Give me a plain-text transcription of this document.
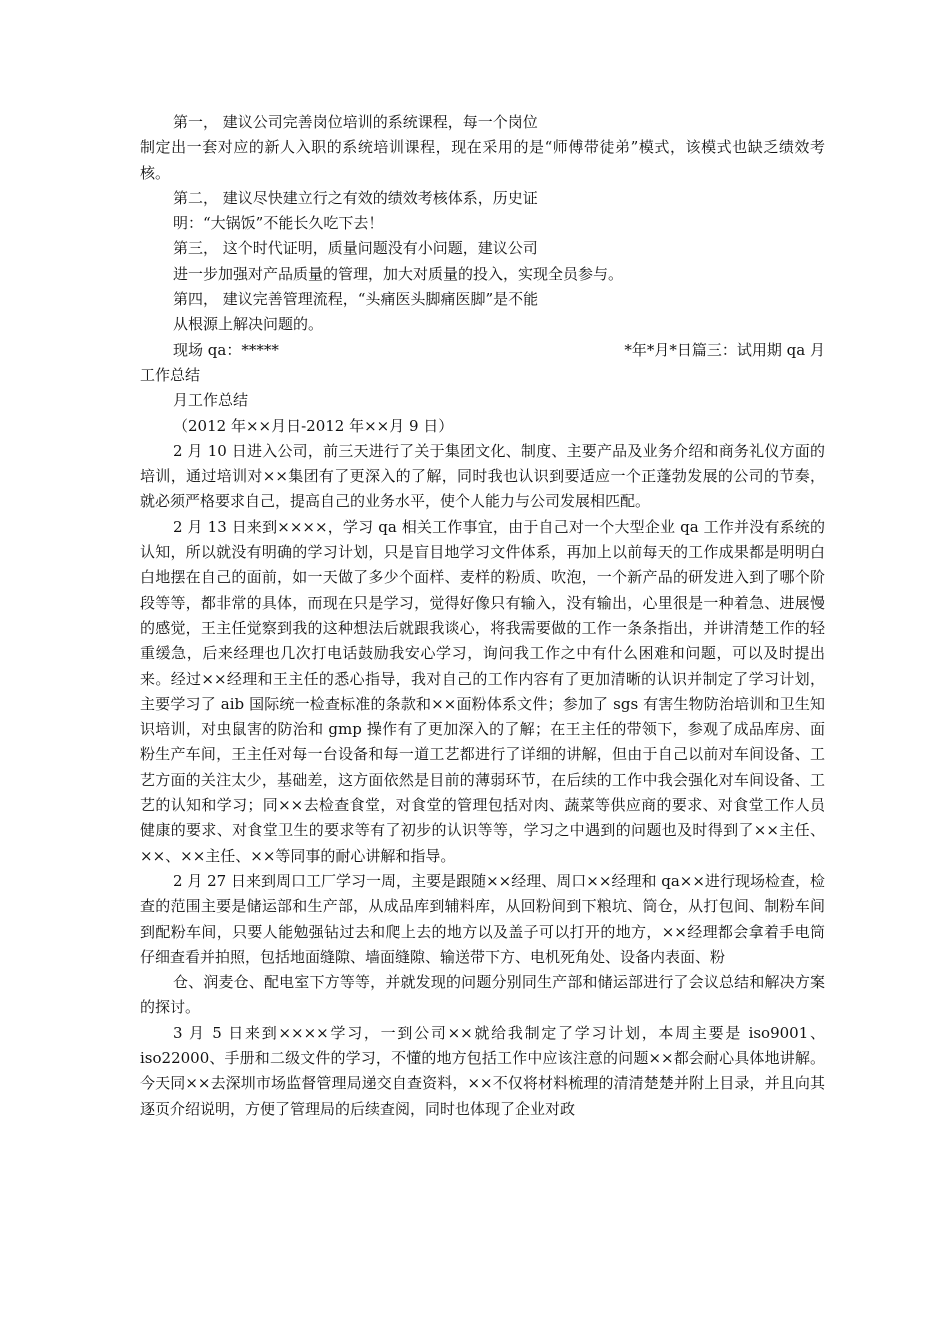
第一， 建议公司完善岗位培训的系统课程，每一个岗位

制定出一套对应的新人入职的系统培训课程，现在采用的是“师傅带徒弟”模式，该模式也缺乏绩效考核。

第二， 建议尽快建立行之有效的绩效考核体系，历史证
明：“大锅饭”不能长久吃下去！
第三， 这个时代证明，质量问题没有小问题，建议公司
进一步加强对产品质量的管理，加大对质量的投入，实现全员参与。
第四， 建议完善管理流程，“头痛医头脚痛医脚”是不能
从根源上解决问题的。
现场 qa：*****	*年*月*日篇三：试用期 qa 月
工作总结
月工作总结
（2012 年××月日-2012 年××月 9 日）

2 月 10 日进入公司，前三天进行了关于集团文化、制度、主要产品及业务介绍和商务礼仪方面的培训，通过培训对××集团有了更深入的了解，同时我也认识到要适应一个正蓬勃发展的公司的节奏，就必须严格要求自己，提高自己的业务水平，使个人能力与公司发展相匹配。

2 月 13 日来到××××，学习 qa 相关工作事宜，由于自己对一个大型企业 qa 工作并没有系统的认知，所以就没有明确的学习计划，只是盲目地学习文件体系，再加上以前每天的工作成果都是明明白白地摆在自己的面前，如一天做了多少个面样、麦样的粉质、吹泡，一个新产品的研发进入到了哪个阶段等等，都非常的具体，而现在只是学习，觉得好像只有输入，没有输出，心里很是一种着急、进展慢的感觉，王主任觉察到我的这种想法后就跟我谈心，将我需要做的工作一条条指出，并讲清楚工作的轻重缓急，后来经理也几次打电话鼓励我安心学习，询问我工作之中有什么困难和问题，可以及时提出来。经过××经理和王主任的悉心指导，我对自己的工作内容有了更加清晰的认识并制定了学习计划，主要学习了 aib 国际统一检查标准的条款和××面粉体系文件；参加了 sgs 有害生物防治培训和卫生知识培训，对虫鼠害的防治和 gmp 操作有了更加深入的了解；在王主任的带领下，参观了成品库房、面粉生产车间，王主任对每一台设备和每一道工艺都进行了详细的讲解，但由于自己以前对车间设备、工艺方面的关注太少，基础差，这方面依然是目前的薄弱环节，在后续的工作中我会强化对车间设备、工艺的认知和学习；同××去检查食堂，对食堂的管理包括对肉、蔬菜等供应商的要求、对食堂工作人员健康的要求、对食堂卫生的要求等有了初步的认识等等，学习之中遇到的问题也及时得到了××主任、××、××主任、××等同事的耐心讲解和指导。

2 月 27 日来到周口工厂学习一周，主要是跟随××经理、周口××经理和 qa××进行现场检查，检查的范围主要是储运部和生产部，从成品库到辅料库，从回粉间到下粮坑、筒仓，从打包间、制粉车间到配粉车间，只要人能勉强钻过去和爬上去的地方以及盖子可以打开的地方，××经理都会拿着手电筒仔细查看并拍照，包括地面缝隙、墙面缝隙、输送带下方、电机死角处、设备内表面、粉

仓、润麦仓、配电室下方等等，并就发现的问题分别同生产部和储运部进行了会议总结和解决方案的探讨。

3 月 5 日来到××××学习，一到公司××就给我制定了学习计划，本周主要是 iso9001、iso22000、手册和二级文件的学习，不懂的地方包括工作中应该注意的问题××都会耐心具体地讲解。今天同××去深圳市场监督管理局递交自查资料，××不仅将材料梳理的清清楚楚并附上目录，并且向其逐页介绍说明，方便了管理局的后续查阅，同时也体现了企业对政
